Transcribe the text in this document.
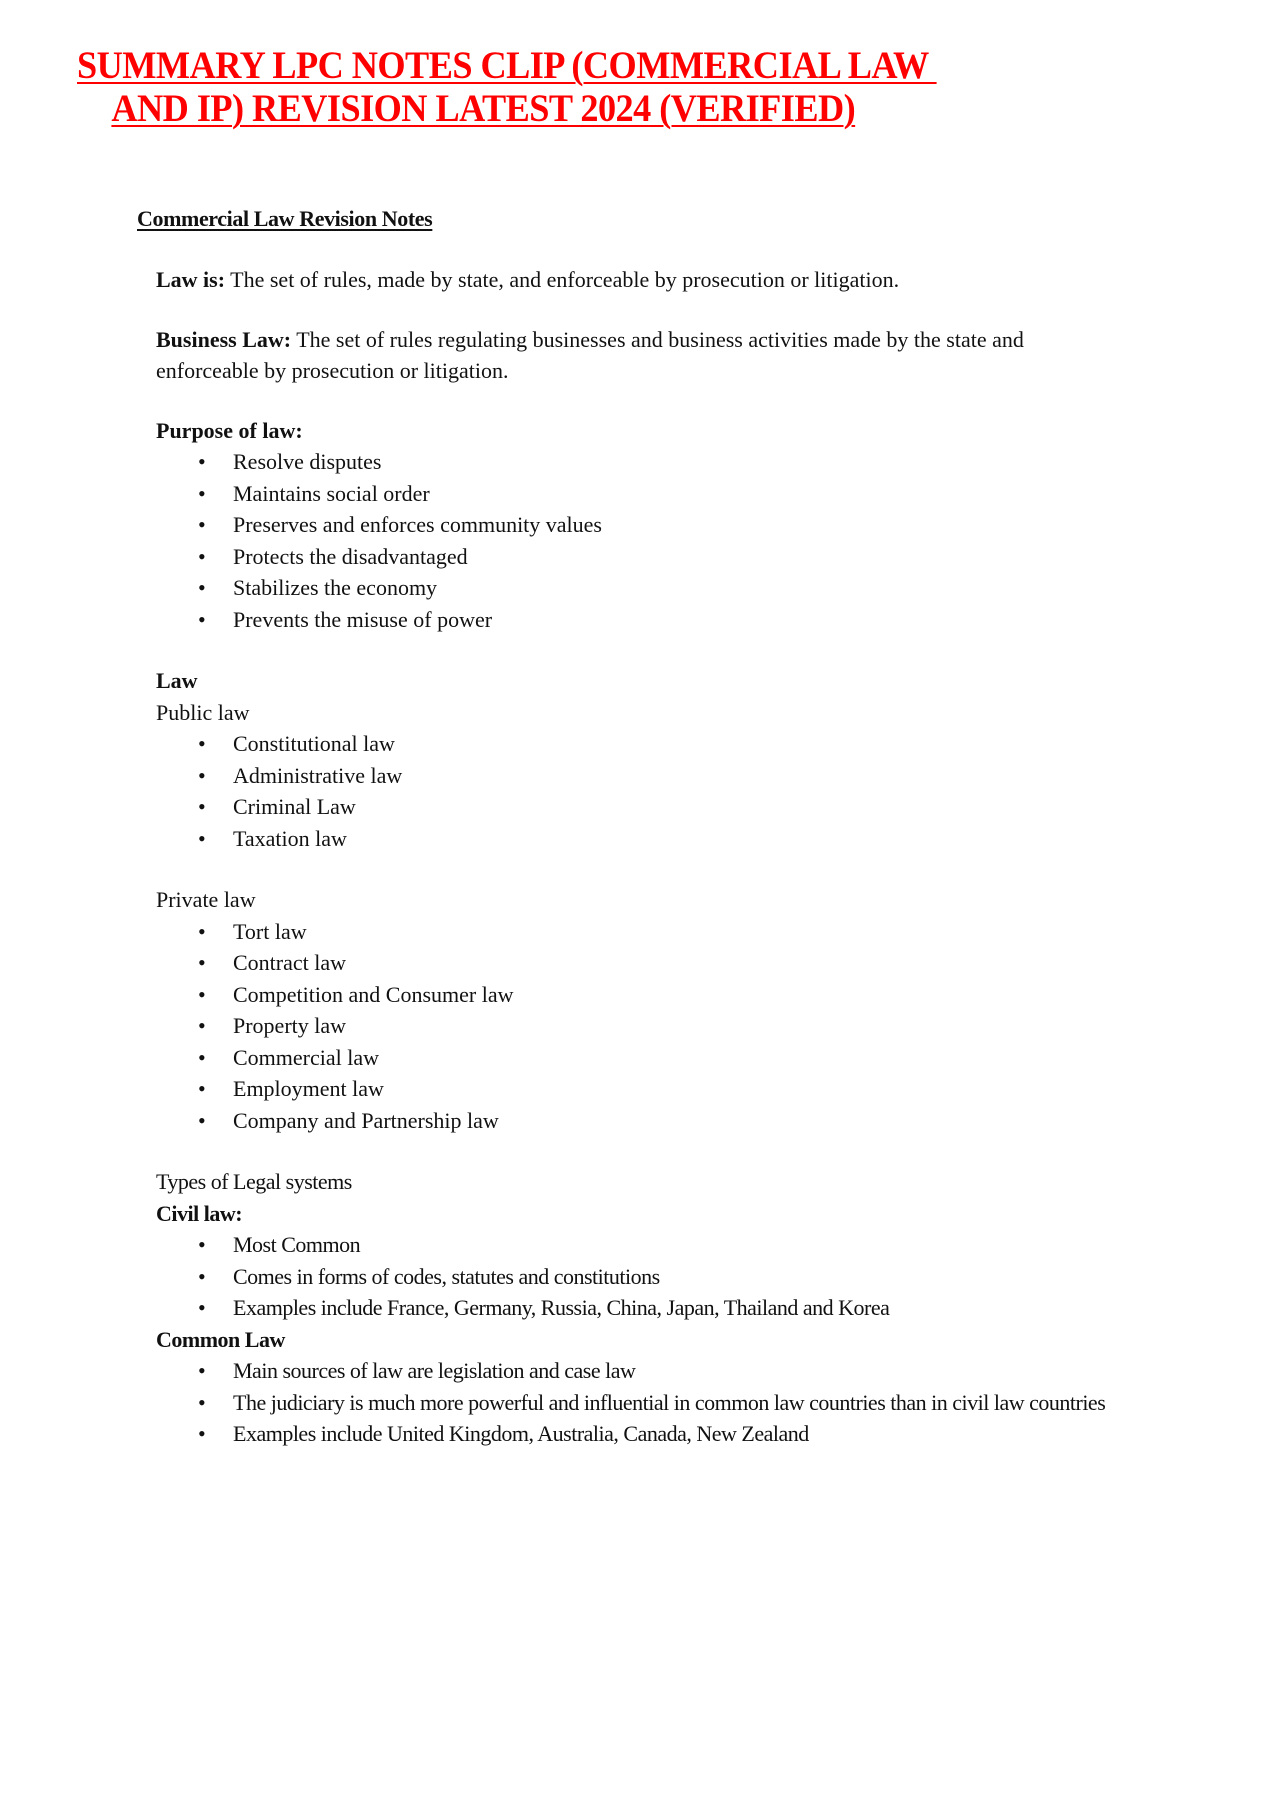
SUMMARY LPC NOTES CLIP (COMMERCIAL LAW
AND IP) REVISION LATEST 2024 (VERIFIED)
Commercial Law Revision Notes

Law is: The set of rules, made by state, and enforceable by prosecution or litigation.

Business Law: The set of rules regulating businesses and business activities made by the state and enforceable by prosecution or litigation.

Purpose of law:

• Resolve disputes
• Maintains social order
• Preserves and enforces community values
• Protects the disadvantaged
• Stabilizes the economy
• Prevents the misuse of power

Law

Public law

• Constitutional law
• Administrative law
• Criminal Law
• Taxation law

Private law

• Tort law
• Contract law
• Competition and Consumer law
• Property law
• Commercial law
• Employment law
• Company and Partnership law

Types of Legal systems

Civil law:

• Most Common
• Comes in forms of codes, statutes and constitutions
• Examples include France, Germany, Russia, China, Japan, Thailand and Korea

Common Law

• Main sources of law are legislation and case law
• The judiciary is much more powerful and influential in common law countries than in civil law countries
• Examples include United Kingdom, Australia, Canada, New Zealand
